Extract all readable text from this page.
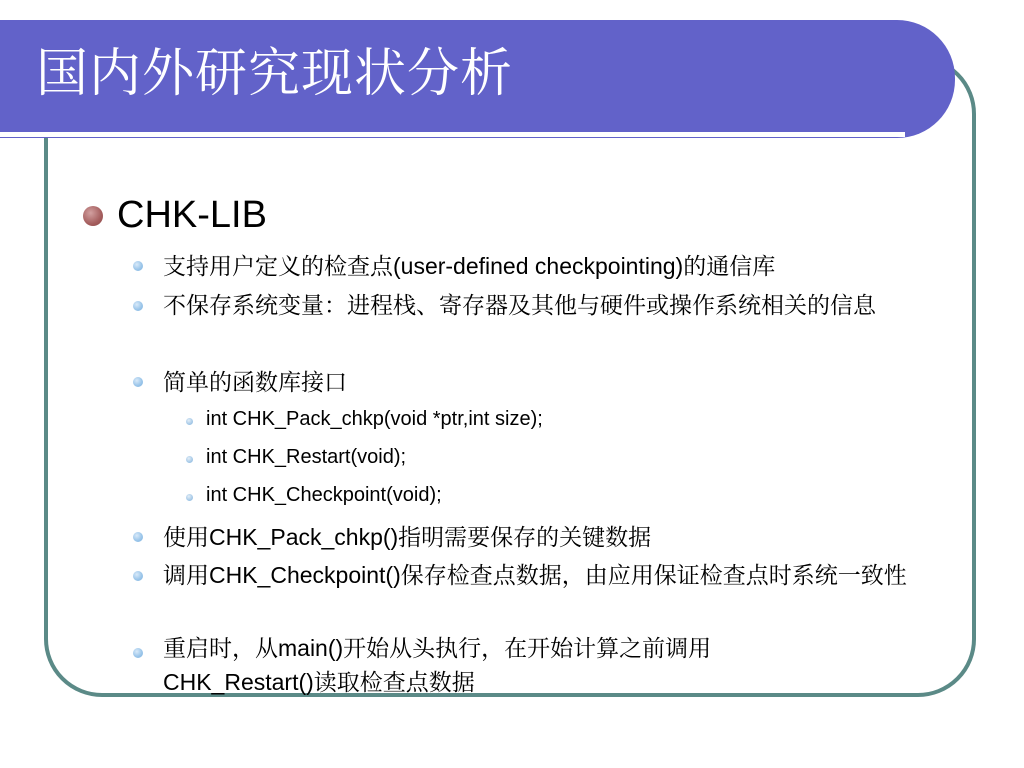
国内外研究现状分析
CHK-LIB
支持用户定义的检查点(user-defined checkpointing)的通信库
不保存系统变量：进程栈、寄存器及其他与硬件或操作系统相关的信息
简单的函数库接口
int CHK_Pack_chkp(void *ptr,int size);
int CHK_Restart(void);
int CHK_Checkpoint(void);
使用CHK_Pack_chkp()指明需要保存的关键数据
调用CHK_Checkpoint()保存检查点数据，由应用保证检查点时系统一致性
重启时，从main()开始从头执行，在开始计算之前调用CHK_Restart()读取检查点数据
